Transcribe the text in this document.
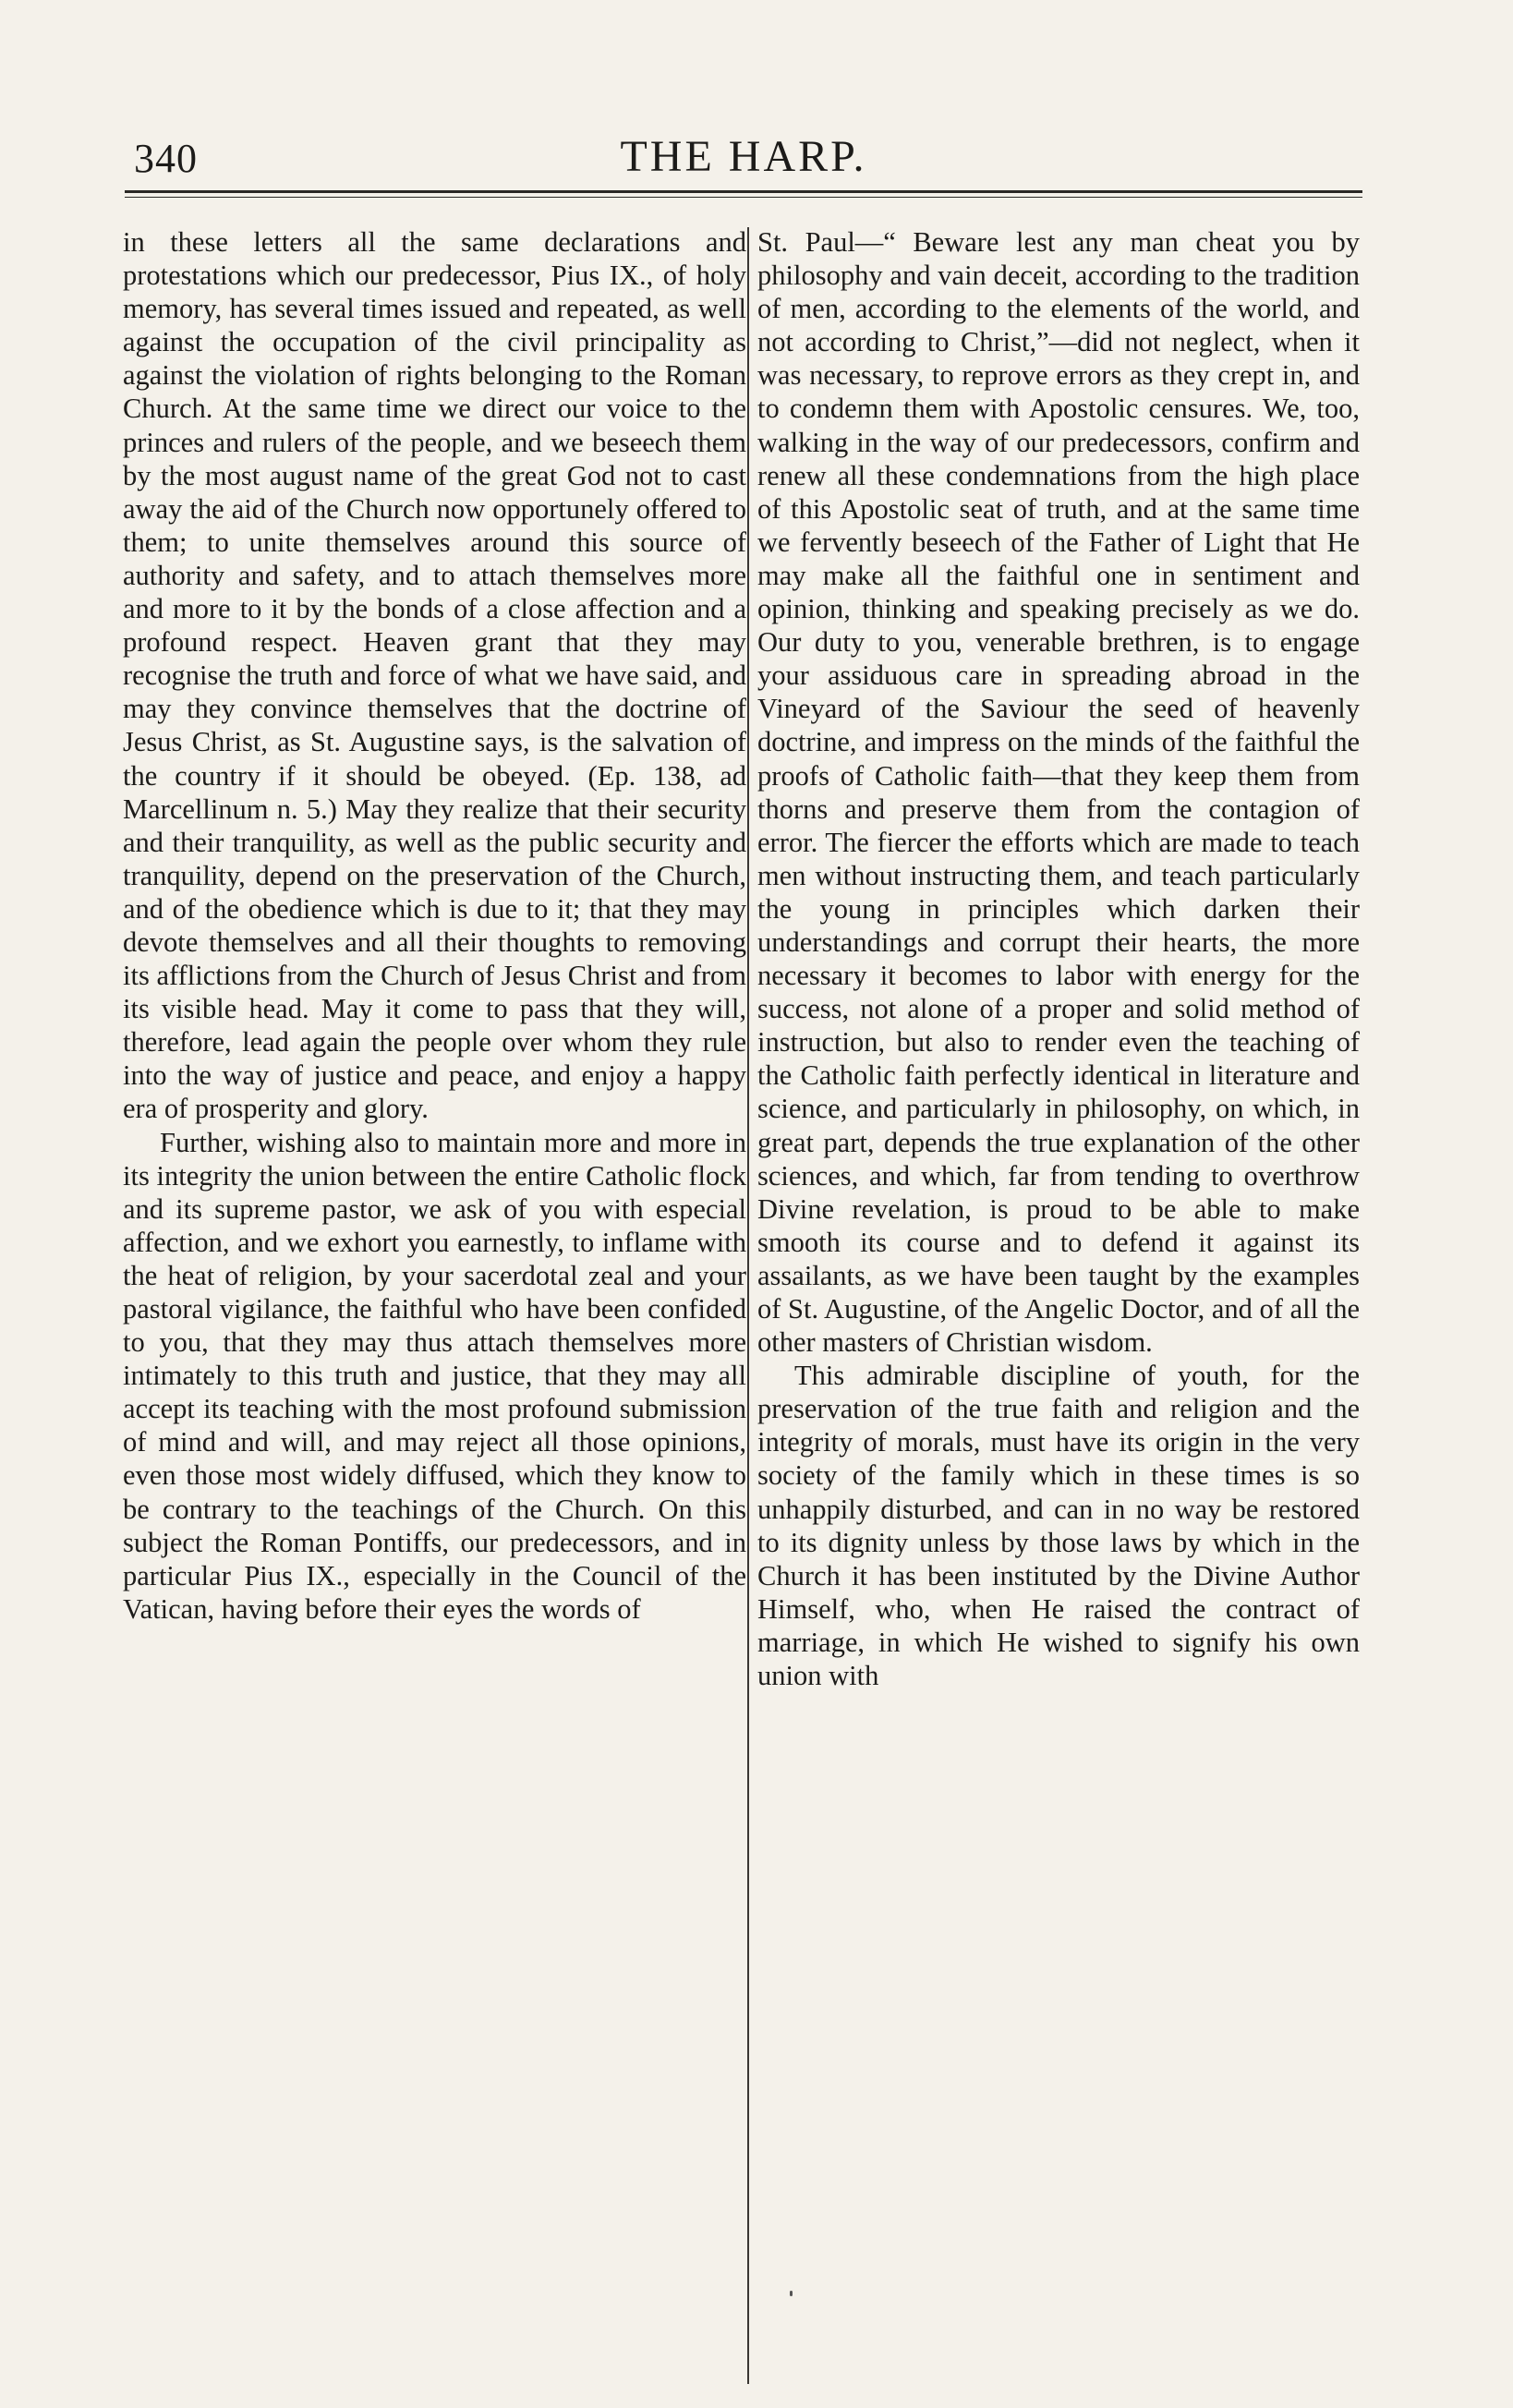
340	THE HARP.

in these letters all the same declarations and protestations which our predecessor, Pius IX., of holy memory, has several times issued and repeated, as well against the occupation of the civil principality as against the violation of rights belonging to the Roman Church. At the same time we direct our voice to the princes and rulers of the people, and we beseech them by the most august name of the great God not to cast away the aid of the Church now opportunely offered to them; to unite themselves around this source of authority and safety, and to attach themselves more and more to it by the bonds of a close affection and a profound respect. Heaven grant that they may recognise the truth and force of what we have said, and may they convince themselves that the doctrine of Jesus Christ, as St. Augustine says, is the salvation of the country if it should be obeyed. (Ep. 138, ad Marcellinum n. 5.) May they realize that their security and their tranquility, as well as the public security and tranquility, depend on the preservation of the Church, and of the obedience which is due to it; that they may devote themselves and all their thoughts to removing its afflictions from the Church of Jesus Christ and from its visible head. May it come to pass that they will, therefore, lead again the people over whom they rule into the way of justice and peace, and enjoy a happy era of prosperity and glory.

Further, wishing also to maintain more and more in its integrity the union between the entire Catholic flock and its supreme pastor, we ask of you with especial affection, and we exhort you earnestly, to inflame with the heat of religion, by your sacerdotal zeal and your pastoral vigilance, the faithful who have been confided to you, that they may thus attach themselves more intimately to this truth and justice, that they may all accept its teaching with the most profound submission of mind and will, and may reject all those opinions, even those most widely diffused, which they know to be contrary to the teachings of the Church. On this subject the Roman Pontiffs, our predecessors, and in particular Pius IX., especially in the Council of the Vatican, having before their eyes the words of

St. Paul—“ Beware lest any man cheat you by philosophy and vain deceit, according to the tradition of men, according to the elements of the world, and not according to Christ,”—did not neglect, when it was necessary, to reprove errors as they crept in, and to condemn them with Apostolic censures. We, too, walking in the way of our predecessors, confirm and renew all these condemnations from the high place of this Apostolic seat of truth, and at the same time we fervently beseech of the Father of Light that He may make all the faithful one in sentiment and opinion, thinking and speaking precisely as we do. Our duty to you, venerable brethren, is to engage your assiduous care in spreading abroad in the Vineyard of the Saviour the seed of heavenly doctrine, and impress on the minds of the faithful the proofs of Catholic faith—that they keep them from thorns and preserve them from the contagion of error. The fiercer the efforts which are made to teach men without instructing them, and teach particularly the young in principles which darken their understandings and corrupt their hearts, the more necessary it becomes to labor with energy for the success, not alone of a proper and solid method of instruction, but also to render even the teaching of the Catholic faith perfectly identical in literature and science, and particularly in philosophy, on which, in great part, depends the true explanation of the other sciences, and which, far from tending to overthrow Divine revelation, is proud to be able to make smooth its course and to defend it against its assailants, as we have been taught by the examples of St. Augustine, of the Angelic Doctor, and of all the other masters of Christian wisdom.

This admirable discipline of youth, for the preservation of the true faith and religion and the integrity of morals, must have its origin in the very society of the family which in these times is so unhappily disturbed, and can in no way be restored to its dignity unless by those laws by which in the Church it has been instituted by the Divine Author Himself, who, when He raised the contract of marriage, in which He wished to signify his own union with
